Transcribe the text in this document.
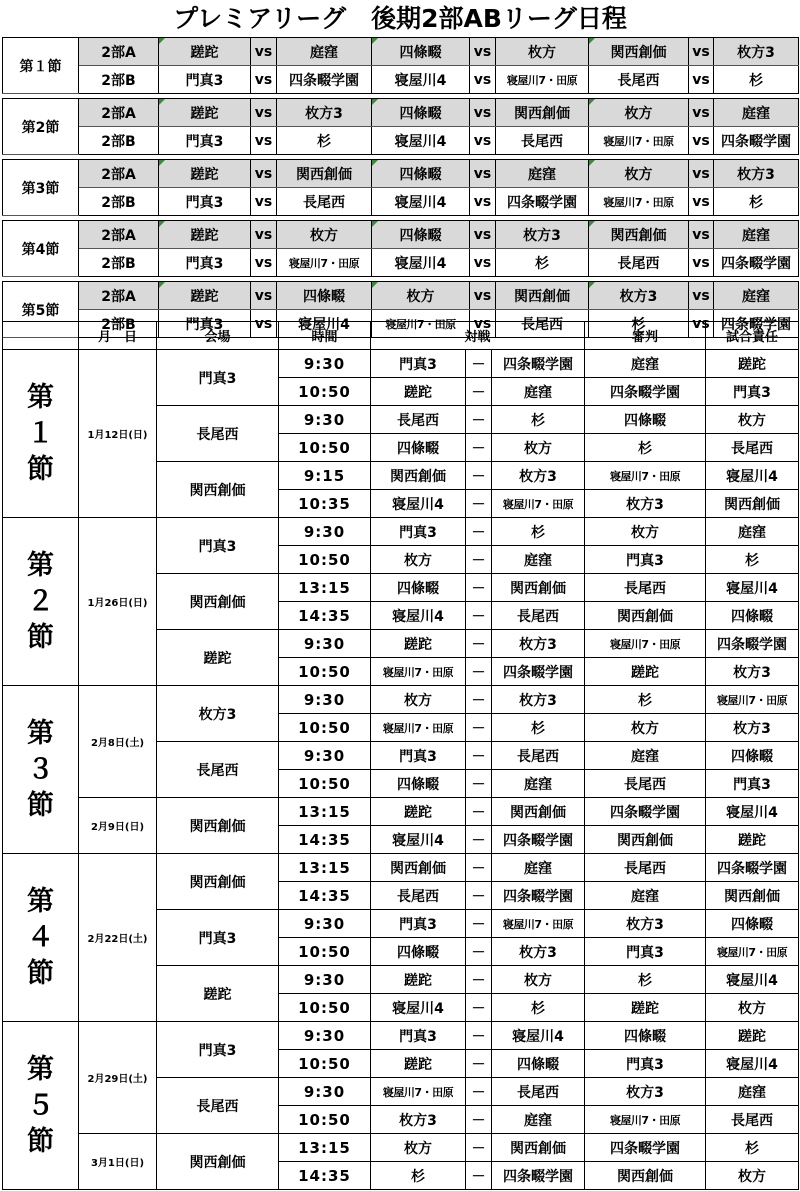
プレミアリーグ　後期2部ABリーグ日程
第１節	2部A	蹉跎	vs	庭窪	四條畷	vs	枚方	関西創価	vs	枚方3
	2部B	門真3	vs	四条畷学園	寝屋川4	vs	寝屋川7・田原	長尾西	vs	杉

第2節	2部A	蹉跎	vs	枚方3	四條畷	vs	関西創価	枚方	vs	庭窪
	2部B	門真3	vs	杉	寝屋川4	vs	長尾西	寝屋川7・田原	vs	四条畷学園

第3節	2部A	蹉跎	vs	関西創価	四條畷	vs	庭窪	枚方	vs	枚方3
	2部B	門真3	vs	長尾西	寝屋川4	vs	四条畷学園	寝屋川7・田原	vs	杉

第4節	2部A	蹉跎	vs	枚方	四條畷	vs	枚方3	関西創価	vs	庭窪
	2部B	門真3	vs	寝屋川7・田原	寝屋川4	vs	杉	長尾西	vs	四条畷学園

第5節	2部A	蹉跎	vs	四條畷	枚方	vs	関西創価	枚方3	vs	庭窪
	2部B	門真3	vs	寝屋川4	寝屋川7・田原	vs	長尾西	杉	vs	四条畷学園
	月　日	会場	時間	対戦			審判	試合責任
第
１
節	1月12日(日)	門真3	9:30	門真3	－	四条畷学園	庭窪	蹉跎
			10:50	蹉跎	－	庭窪	四条畷学園	門真3
		長尾西	9:30	長尾西	－	杉	四條畷	枚方
			10:50	四條畷	－	枚方	杉	長尾西
		関西創価	9:15	関西創価	－	枚方3	寝屋川7・田原	寝屋川4
			10:35	寝屋川4	－	寝屋川7・田原	枚方3	関西創価
第
２
節	1月26日(日)	門真3	9:30	門真3	－	杉	枚方	庭窪
			10:50	枚方	－	庭窪	門真3	杉
		関西創価	13:15	四條畷	－	関西創価	長尾西	寝屋川4
			14:35	寝屋川4	－	長尾西	関西創価	四條畷
		蹉跎	9:30	蹉跎	－	枚方3	寝屋川7・田原	四条畷学園
			10:50	寝屋川7・田原	－	四条畷学園	蹉跎	枚方3
第
３
節	2月8日(土)	枚方3	9:30	枚方	－	枚方3	杉	寝屋川7・田原
			10:50	寝屋川7・田原	－	杉	枚方	枚方3
		長尾西	9:30	門真3	－	長尾西	庭窪	四條畷
			10:50	四條畷	－	庭窪	長尾西	門真3
	2月9日(日)	関西創価	13:15	蹉跎	－	関西創価	四条畷学園	寝屋川4
			14:35	寝屋川4	－	四条畷学園	関西創価	蹉跎
第
４
節	2月22日(土)	関西創価	13:15	関西創価	－	庭窪	長尾西	四条畷学園
			14:35	長尾西	－	四条畷学園	庭窪	関西創価
		門真3	9:30	門真3	－	寝屋川7・田原	枚方3	四條畷
			10:50	四條畷	－	枚方3	門真3	寝屋川7・田原
		蹉跎	9:30	蹉跎	－	枚方	杉	寝屋川4
			10:50	寝屋川4	－	杉	蹉跎	枚方
第
５
節	2月29日(土)	門真3	9:30	門真3	－	寝屋川4	四條畷	蹉跎
			10:50	蹉跎	－	四條畷	門真3	寝屋川4
		長尾西	9:30	寝屋川7・田原	－	長尾西	枚方3	庭窪
			10:50	枚方3	－	庭窪	寝屋川7・田原	長尾西
	3月1日(日)	関西創価	13:15	枚方	－	関西創価	四条畷学園	杉
			14:35	杉	－	四条畷学園	関西創価	枚方
